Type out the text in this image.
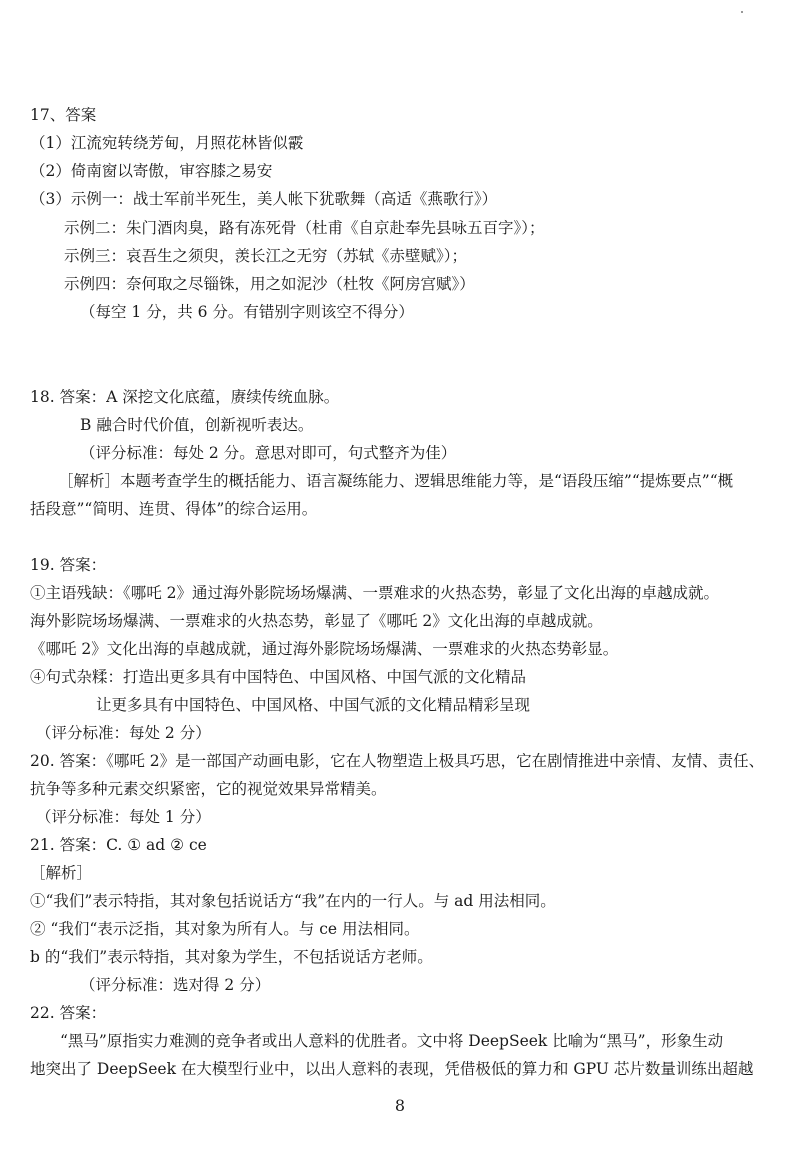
17、答案
（1）江流宛转绕芳甸，月照花林皆似霰
（2）倚南窗以寄傲，审容膝之易安
（3）示例一：战士军前半死生，美人帐下犹歌舞（高适《燕歌行》）
示例二：朱门酒肉臭，路有冻死骨（杜甫《自京赴奉先县咏五百字》）；
示例三：哀吾生之须臾，羡长江之无穷（苏轼《赤壁赋》）；
示例四：奈何取之尽锱铢，用之如泥沙（杜牧《阿房宫赋》）
（每空 1 分，共 6 分。有错别字则该空不得分）
18. 答案：A 深挖文化底蕴，赓续传统血脉。
B 融合时代价值，创新视听表达。
（评分标准：每处 2 分。意思对即可，句式整齐为佳）
［解析］本题考查学生的概括能力、语言凝练能力、逻辑思维能力等，是“语段压缩”“提炼要点”“概
括段意”“简明、连贯、得体”的综合运用。
19. 答案：
①主语残缺：《哪吒 2》通过海外影院场场爆满、一票难求的火热态势，彰显了文化出海的卓越成就。
海外影院场场爆满、一票难求的火热态势，彰显了《哪吒 2》文化出海的卓越成就。
《哪吒 2》文化出海的卓越成就，通过海外影院场场爆满、一票难求的火热态势彰显。
④句式杂糅：打造出更多具有中国特色、中国风格、中国气派的文化精品
让更多具有中国特色、中国风格、中国气派的文化精品精彩呈现
（评分标准：每处 2 分）
20. 答案：《哪吒 2》是一部国产动画电影，它在人物塑造上极具巧思，它在剧情推进中亲情、友情、责任、
抗争等多种元素交织紧密，它的视觉效果异常精美。
（评分标准：每处 1 分）
21. 答案：C. ① ad ② ce
［解析］
①“我们”表示特指，其对象包括说话方“我”在内的一行人。与 ad 用法相同。
② “我们“表示泛指，其对象为所有人。与 ce 用法相同。
b 的“我们”表示特指，其对象为学生，不包括说话方老师。
（评分标准：选对得 2 分）
22. 答案：
“黑马”原指实力难测的竞争者或出人意料的优胜者。文中将 DeepSeek 比喻为“黑马”，形象生动
地突出了 DeepSeek 在大模型行业中，以出人意料的表现，凭借极低的算力和 GPU 芯片数量训练出超越
8
